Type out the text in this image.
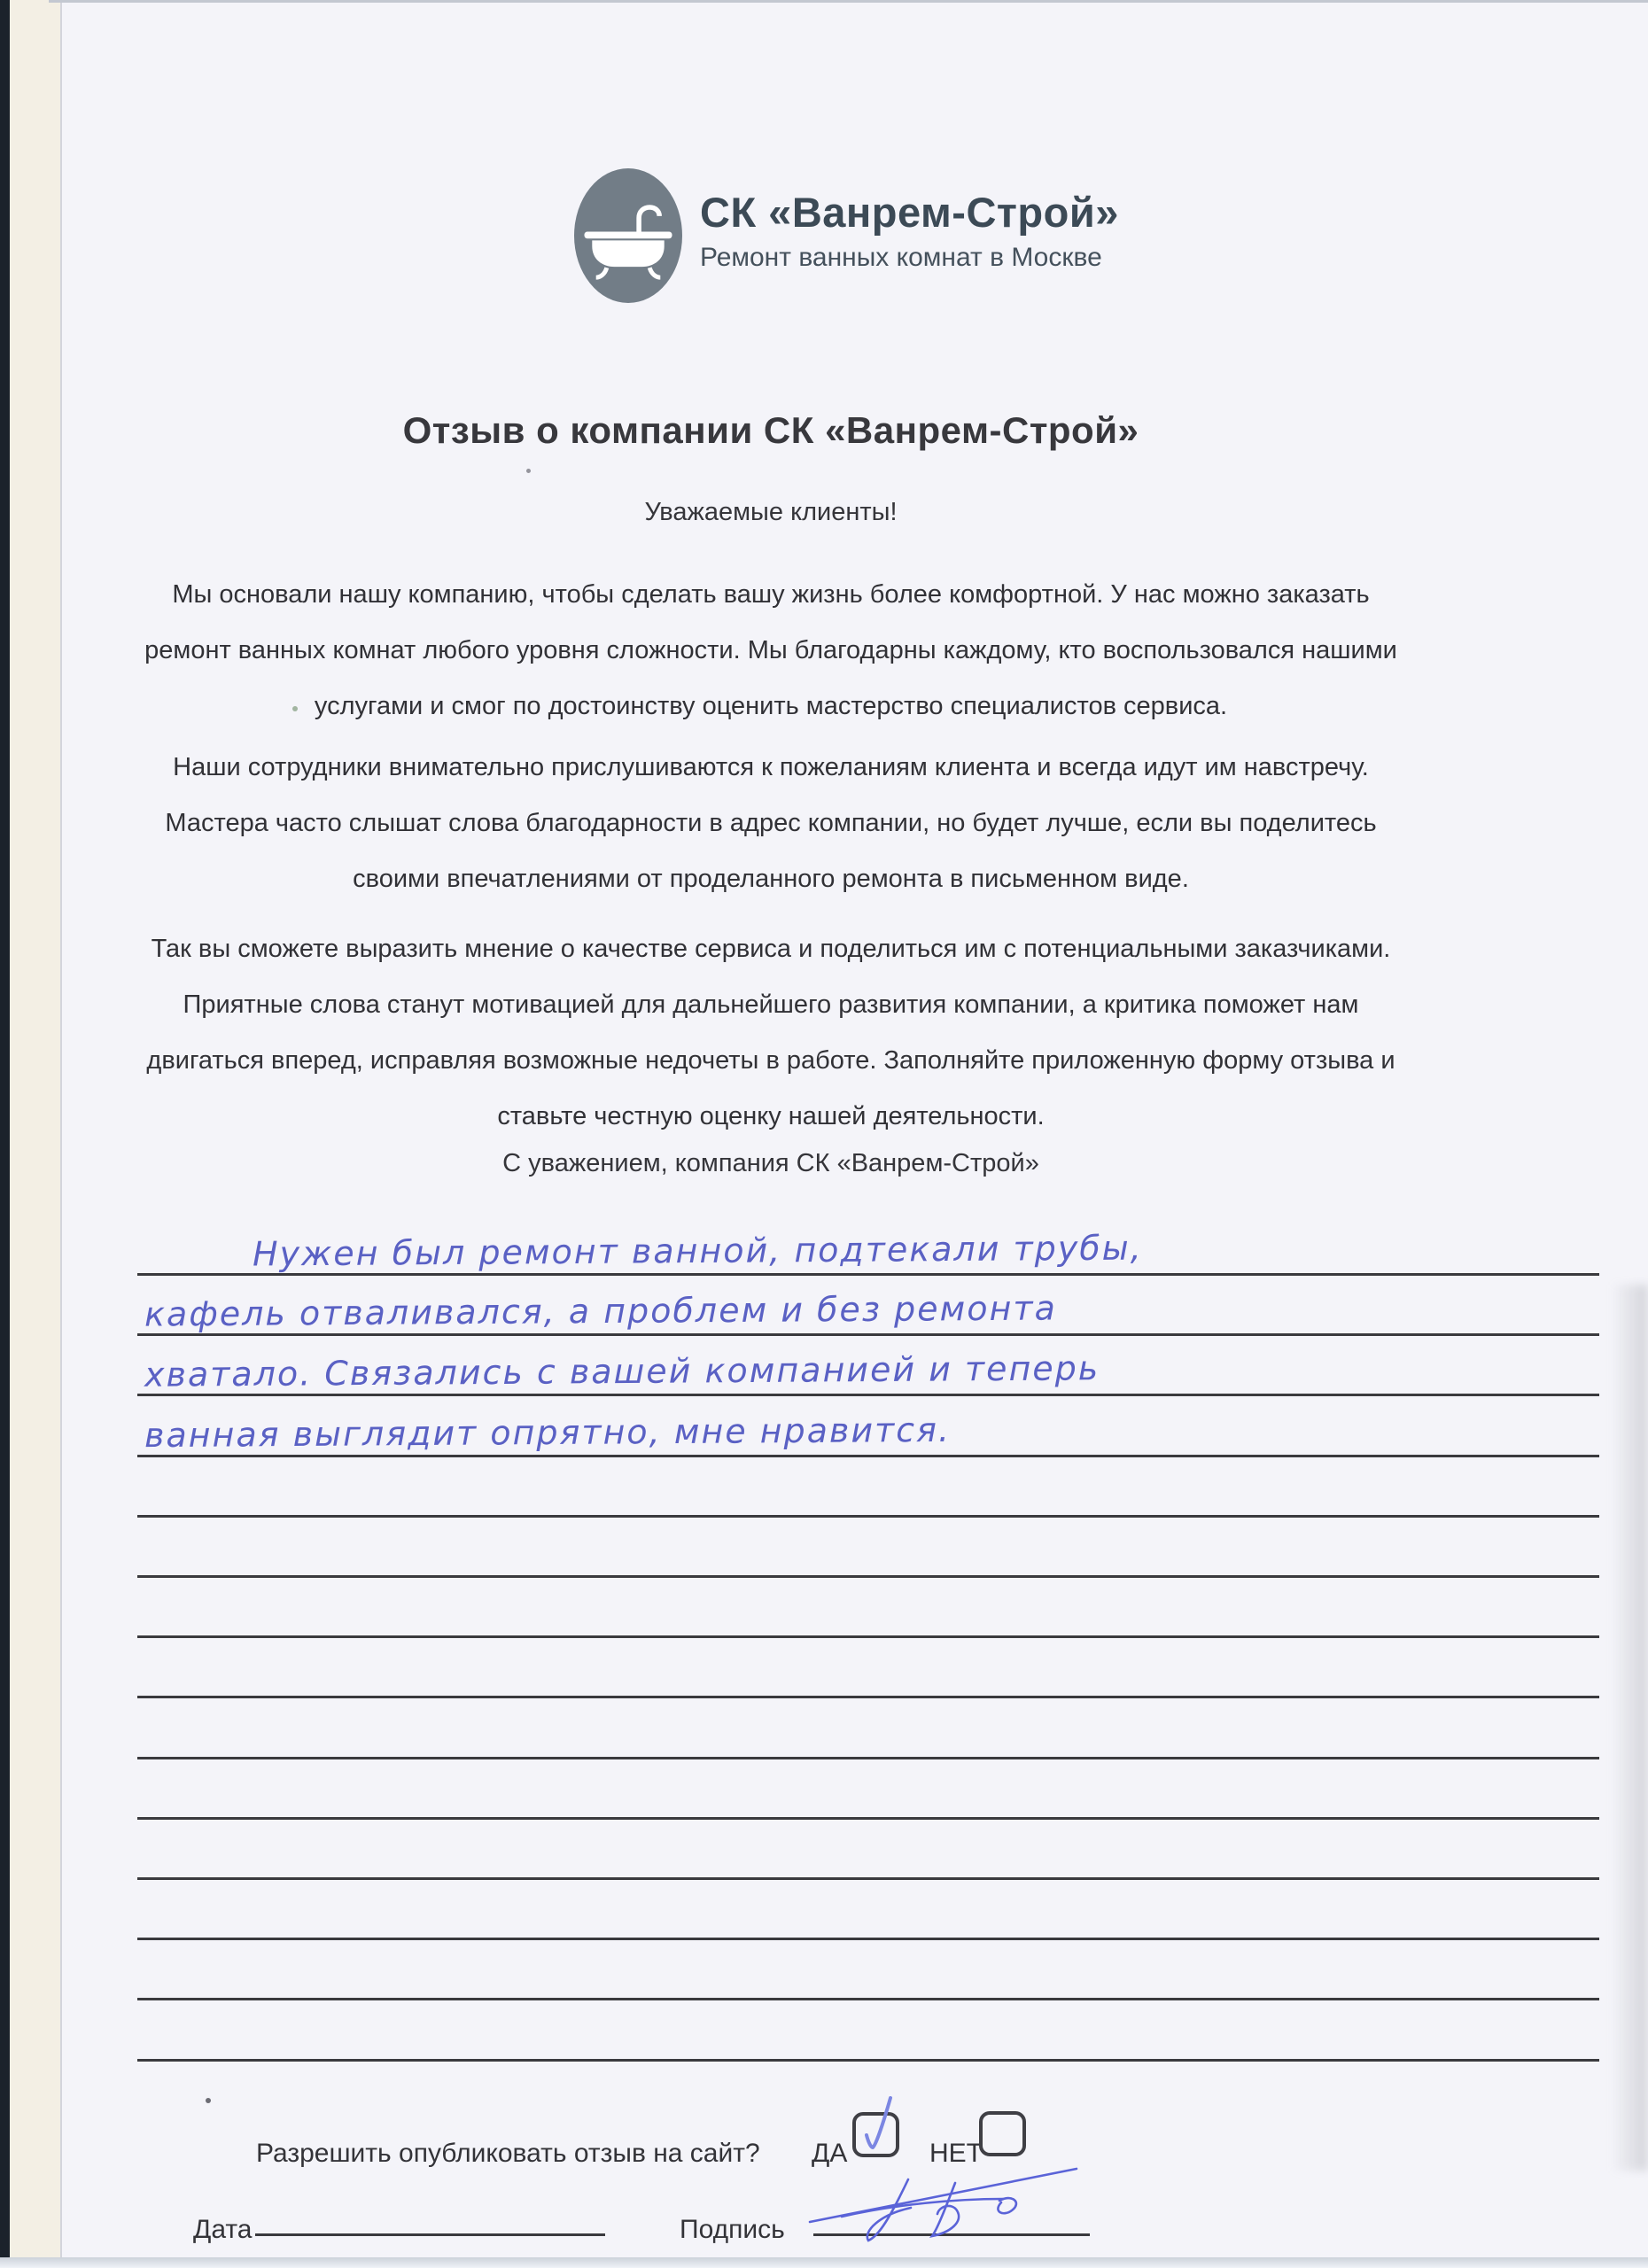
СК «Ванрем-Строй»
Ремонт ванных комнат в Москве
Отзыв о компании СК «Ванрем-Строй»
Уважаемые клиенты!
Мы основали нашу компанию, чтобы сделать вашу жизнь более комфортной. У нас можно заказать ремонт ванных комнат любого уровня сложности. Мы благодарны каждому, кто воспользовался нашими услугами и смог по достоинству оценить мастерство специалистов сервиса.
Наши сотрудники внимательно прислушиваются к пожеланиям клиента и всегда идут им навстречу. Мастера часто слышат слова благодарности в адрес компании, но будет лучше, если вы поделитесь своими впечатлениями от проделанного ремонта в письменном виде.
Так вы сможете выразить мнение о качестве сервиса и поделиться им с потенциальными заказчиками. Приятные слова станут мотивацией для дальнейшего развития компании, а критика поможет нам двигаться вперед, исправляя возможные недочеты в работе. Заполняйте приложенную форму отзыва и ставьте честную оценку нашей деятельности.
С уважением, компания СК «Ванрем-Строй»
Нужен был ремонт ванной, подтекали трубы,
кафель отваливался, а проблем и без ремонта
хватало. Связались с вашей компанией и теперь
ванная выглядит опрятно, мне нравится.
Разрешить опубликовать отзыв на сайт? ДА	НЕТ
Дата	Подпись
